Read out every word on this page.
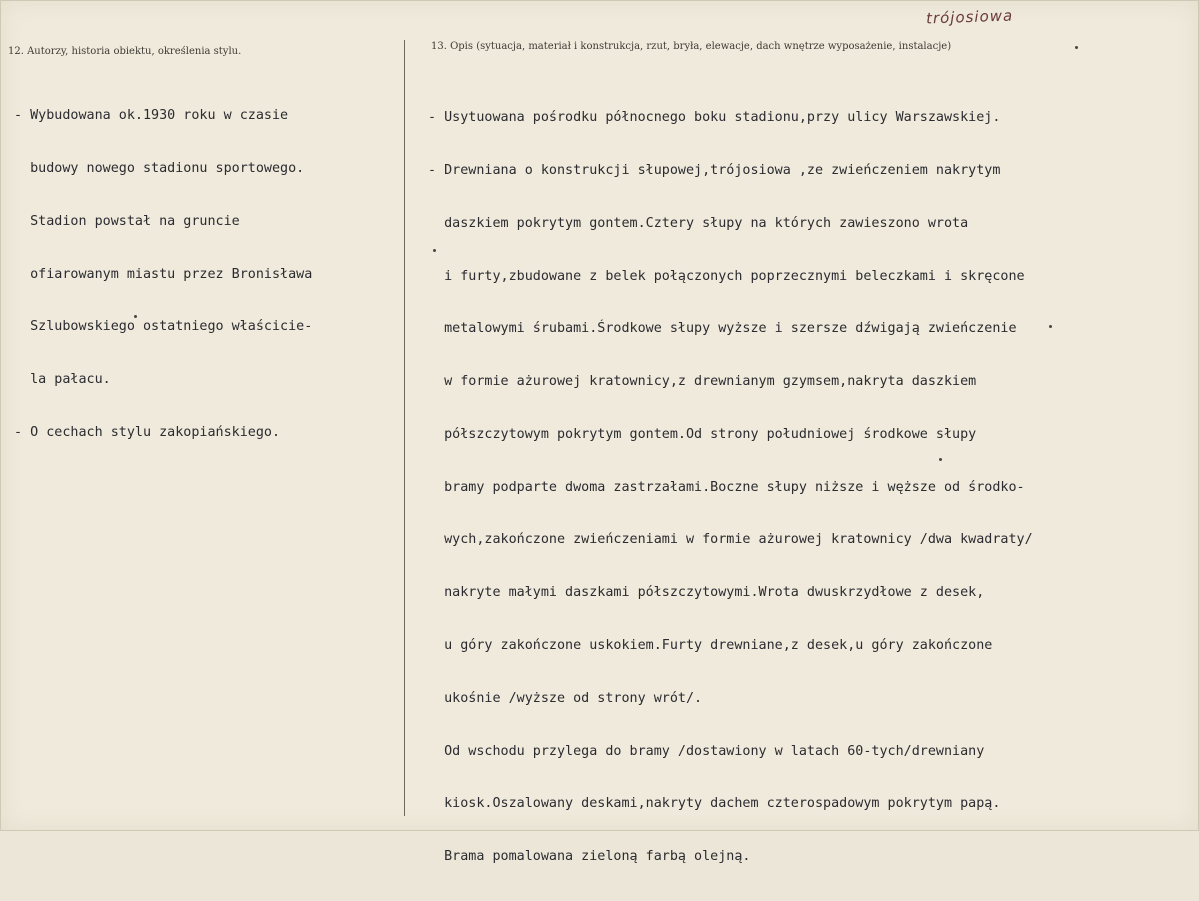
12. Autorzy, historia obiektu, określenia stylu.	13. Opis (sytuacja, materiał i konstrukcja, rzut, bryła, elewacje, dach wnętrze wyposażenie, instalacje)
trójosiowa

- Wybudowana ok.1930 roku w czasie

budowy nowego stadionu sportowego.

Stadion powstał na gruncie

ofiarowanym miastu przez Bronisława

Szlubowskiego ostatniego właściciе-

la pałacu.

- O cechach stylu zakopiańskiego.

- Usytuowana pośrodku północnego boku stadionu,przy ulicy Warszawskiej.

- Drewniana o konstrukcji słupowej,trójosiowa ,ze zwieńczeniem nakrytym

daszkiem pokrytym gontem.Cztery słupy na których zawieszono wrota

i furty,zbudowane z belek połączonych poprzecznymi beleczkami i skręcone

metalowymi śrubami.Środkowe słupy wyższe i szersze dźwigają zwieńczenie

w formie ażurowej kratownicy,z drewnianym gzymsem,nakryta daszkiem

półszczytowym pokrytym gontem.Od strony południowej środkowe słupy

bramy podparte dwoma zastrzałami.Boczne słupy niższe i węższe od środko-

wych,zakończone zwieńczeniami w formie ażurowej kratownicy /dwa kwadraty/

nakryte małymi daszkami półszczytowymi.Wrota dwuskrzydłowe z desek,

u góry zakończone uskokiem.Furty drewniane,z desek,u góry zakończone

ukośnie /wyższe od strony wrót/.

Od wschodu przylega do bramy /dostawiony w latach 60-tych/drewniany

kiosk.Oszalowany deskami,nakryty dachem czterospadowym pokrytym papą.

Brama pomalowana zieloną farbą olejną.
